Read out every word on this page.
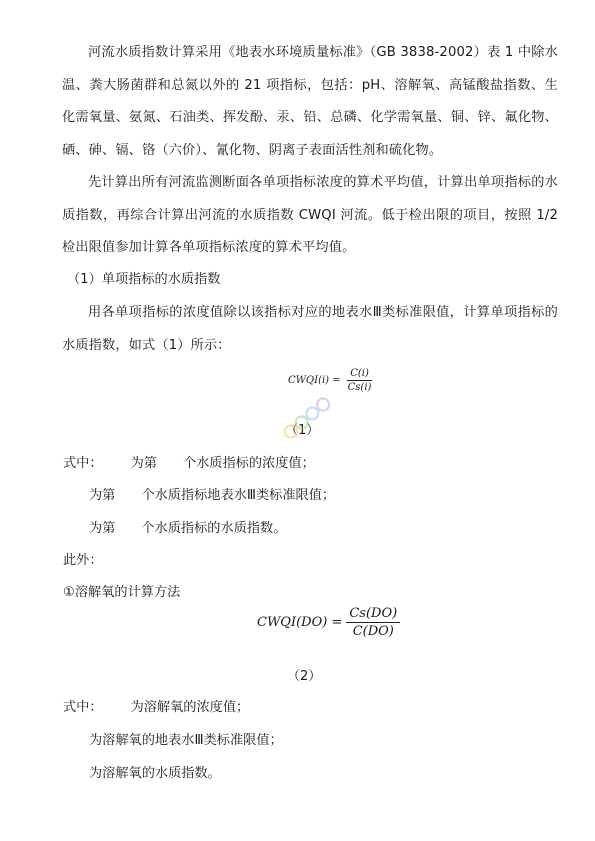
河流水质指数计算采用《地表水环境质量标准》（GB 3838-2002）表 1 中除水温、粪大肠菌群和总氮以外的 21 项指标，包括：pH、溶解氧、高锰酸盐指数、生化需氧量、氨氮、石油类、挥发酚、汞、铅、总磷、化学需氧量、铜、锌、氟化物、硒、砷、镉、铬（六价）、氰化物、阴离子表面活性剂和硫化物。

先计算出所有河流监测断面各单项指标浓度的算术平均值，计算出单项指标的水质指数，再综合计算出河流的水质指数 CWQI 河流。低于检出限的项目，按照 1/2 检出限值参加计算各单项指标浓度的算术平均值。

（1）单项指标的水质指数

用各单项指标的浓度值除以该指标对应的地表水Ⅲ类标准限值，计算单项指标的水质指数，如式（1）所示：

CWQI(i) = $\frac{C(i)}{Cs(i)}$
（1）
式中： 为第 个水质指标的浓度值；
为第 个水质指标地表水Ⅲ类标准限值；
为第 个水质指标的水质指数。
此外：
①溶解氧的计算方法
CWQI(DO) = $\frac{Cs(DO)}{C(DO)}$
（2）
式中： 为溶解氧的浓度值；
为溶解氧的地表水Ⅲ类标准限值；
为溶解氧的水质指数。
